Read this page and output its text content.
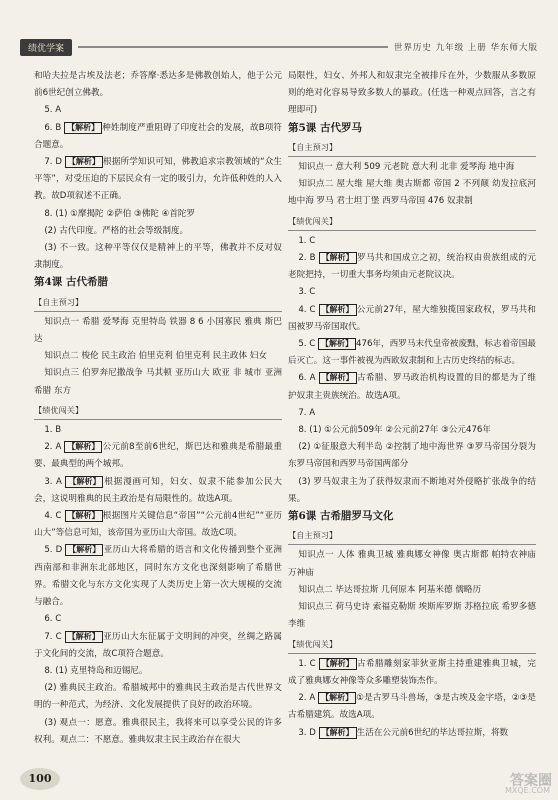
绩优学案	世界历史 九年级 上册 华东师大版

和哈夫拉是古埃及法老；乔答摩·悉达多是佛教创始人，他于公元前6世纪创立佛教。

5. A

6. B 【解析】 种姓制度严重阻碍了印度社会的发展，故B项符合题意。

7. D 【解析】 根据所学知识可知，佛教追求宗教领域的“众生平等”，对受压迫的下层民众有一定的吸引力，允许低种姓的人入教。故D项叙述不正确。

8. (1) ①摩揭陀 ②萨伯 ③佛陀 ④首陀罗

(2) 古代印度。严格的社会等级制度。

(3) 不一致。这种平等仅仅是精神上的平等，佛教并不反对奴隶制度。

第4课 古代希腊

【自主预习】

知识点一 希腊 爱琴海 克里特岛 铁器 8 6 小国寡民 雅典 斯巴达

知识点二 梭伦 民主政治 伯里克利 伯里克利 民主政体 妇女

知识点三 伯罗奔尼撒战争 马其顿 亚历山大 欧亚 非 城市 亚洲 希腊 东方

【绩优闯关】

1. B

2. A 【解析】 公元前8至前6世纪，斯巴达和雅典是希腊最重要、最典型的两个城邦。

3. A 【解析】 根据漫画可知，妇女、奴隶不能参加公民大会，这说明雅典的民主政治是有局限性的。故选A项。

4. C 【解析】 根据图片关键信息“帝国”“公元前4世纪”“亚历山大”等信息可知，该帝国为亚历山大帝国。故选C项。

5. D 【解析】 亚历山大将希腊的语言和文化传播到整个亚洲西南部和非洲东北部地区，同时东方文化也深刻影响了希腊世界。希腊文化与东方文化实现了人类历史上第一次大规模的交流与融合。

6. C

7. C 【解析】 亚历山大东征属于文明间的冲突，丝绸之路属于文化间的交流，故C项符合题意。

8. (1) 克里特岛和迈锡尼。

(2) 雅典民主政治。希腊城邦中的雅典民主政治是古代世界文明的一种范式，为经济、文化发展提供了良好的政治环境。

(3) 观点一：愿意。雅典很民主，我将来可以享受公民的许多权利。观点二：不愿意。雅典奴隶主民主政治存在很大

局限性，妇女、外邦人和奴隶完全被排斥在外，少数服从多数原则的绝对化容易导致多数人的暴政。(任选一种观点回答，言之有理即可)

第5课 古代罗马

【自主预习】

知识点一 意大利 509 元老院 意大利 北非 爱琴海 地中海

知识点二 屋大维 屋大维 奥古斯都 帝国 2 不列颠 幼发拉底河 地中海 罗马 君士坦丁堡 西罗马帝国 476 奴隶制

【绩优闯关】

1. C

2. B 【解析】 罗马共和国成立之初，统治权由贵族组成的元老院把持，一切重大事务均须由元老院议决。

3. C

4. C 【解析】 公元前27年，屋大维独揽国家政权，罗马共和国被罗马帝国取代。

5. C 【解析】 476年，西罗马末代皇帝被废黜，标志着帝国最后灭亡。这一事件被视为西欧奴隶制和上古历史终结的标志。

6. A 【解析】 古希腊、罗马政治机构设置的目的都是为了维护奴隶主贵族统治。故选A项。

7. A

8. (1) ①公元前509年 ②公元前27年 ③公元476年

(2) ①征服意大利半岛 ②控制了地中海世界 ③罗马帝国分裂为东罗马帝国和西罗马帝国两部分

(3) 罗马奴隶主为了获得奴隶而不断地对外侵略扩张战争的结果。

第6课 古希腊罗马文化

【自主预习】

知识点一 人体 雅典卫城 雅典娜女神像 奥古斯都 帕特农神庙 万神庙

知识点二 毕达哥拉斯 几何原本 阿基米德 儒略历

知识点三 荷马史诗 索福克勒斯 埃斯库罗斯 苏格拉底 希罗多德 李维

【绩优闯关】

1. C 【解析】 古希腊雕刻家菲狄亚斯主持重建雅典卫城，完成了雅典娜女神像等众多雕塑装饰杰作。

2. A 【解析】 ①是古罗马斗兽场，③是古埃及金字塔，②③是古希腊建筑。故选A项。

3. D 【解析】 生活在公元前6世纪的毕达哥拉斯，将数

100	答案圈
MXQE.COM
